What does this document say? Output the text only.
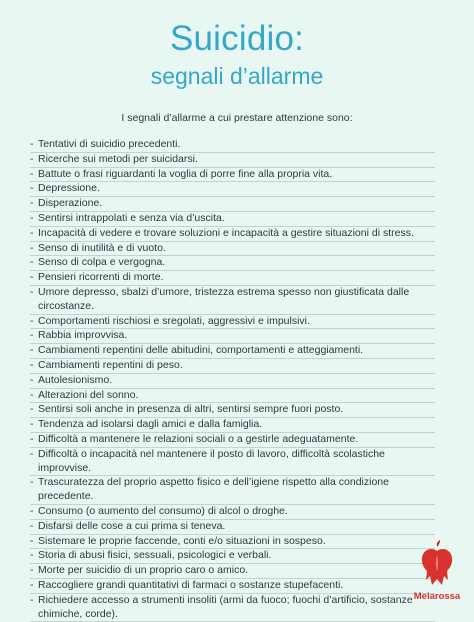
Suicidio:
segnali d’allarme
I segnali d’allarme a cui prestare attenzione sono:
- Tentativi di suicidio precedenti.
- Ricerche sui metodi per suicidarsi.
- Battute o frasi riguardanti la voglia di porre fine alla propria vita.
- Depressione.
- Disperazione.
- Sentirsi intrappolati e senza via d’uscita.
- Incapacità di vedere e trovare soluzioni e incapacità a gestire situazioni di stress.
- Senso di inutilità e di vuoto.
- Senso di colpa e vergogna.
- Pensieri ricorrenti di morte.
- Umore depresso, sbalzi d’umore, tristezza estrema spesso non giustificata dalle circostanze.
- Comportamenti rischiosi e sregolati, aggressivi e impulsivi.
- Rabbia improvvisa.
- Cambiamenti repentini delle abitudini, comportamenti e atteggiamenti.
- Cambiamenti repentini di peso.
- Autolesionismo.
- Alterazioni del sonno.
- Sentirsi soli anche in presenza di altri, sentirsi sempre fuori posto.
- Tendenza ad isolarsi dagli amici e dalla famiglia.
- Difficoltà a mantenere le relazioni sociali o a gestirle adeguatamente.
- Difficoltà o incapacità nel mantenere il posto di lavoro, difficoltà scolastiche improvvise.
- Trascuratezza del proprio aspetto fisico e dell’igiene rispetto alla condizione precedente.
- Consumo (o aumento del consumo) di alcol o droghe.
- Disfarsi delle cose a cui prima si teneva.
- Sistemare le proprie faccende, conti e/o situazioni in sospeso.
- Storia di abusi fisici, sessuali, psicologici e verbali.
- Morte per suicidio di un proprio caro o amico.
- Raccogliere grandi quantitativi di farmaci o sostanze stupefacenti.
- Richiedere accesso a strumenti insoliti (armi da fuoco; fuochi d’artificio, sostanze chimiche, corde).
Melarossa
